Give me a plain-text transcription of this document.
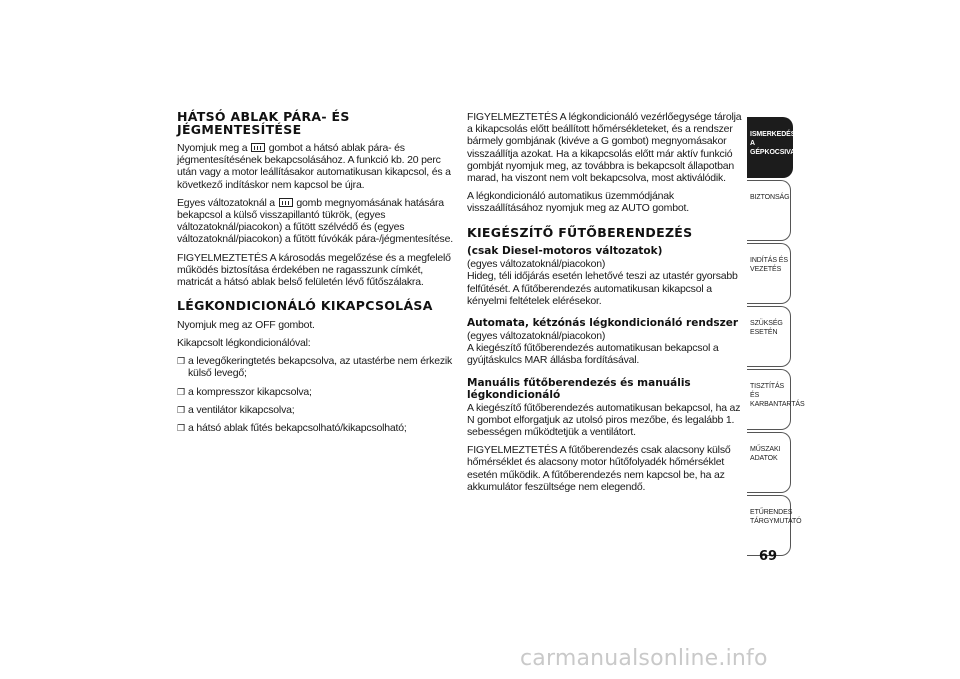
HÁTSÓ ABLAK PÁRA- ÉS JÉGMENTESÍTÉSE

Nyomjuk meg a gombot a hátsó ablak pára- és jégmentesítésének bekapcsolásához. A funkció kb. 20 perc után vagy a motor leállításakor automatikusan kikapcsol, és a következő indításkor nem kapcsol be újra.

Egyes változatoknál a gomb megnyomásának hatására bekapcsol a külső visszapillantó tükrök, (egyes változatoknál/piacokon) a fűtött szélvédő és (egyes változatoknál/piacokon) a fűtött fúvókák pára-/jégmentesítése.

FIGYELMEZTETÉS A károsodás megelőzése és a megfelelő működés biztosítása érdekében ne ragasszunk címkét, matricát a hátsó ablak belső felületén lévő fűtőszálakra.

LÉGKONDICIONÁLÓ KIKAPCSOLÁSA

Nyomjuk meg az OFF gombot.

Kikapcsolt légkondicionálóval:

❒ a levegőkeringtetés bekapcsolva, az utastérbe nem érkezik külső levegő;
❒ a kompresszor kikapcsolva;
❒ a ventilátor kikapcsolva;
❒ a hátsó ablak fűtés bekapcsolható/kikapcsolható;

FIGYELMEZTETÉS A légkondicionáló vezérlőegysége tárolja a kikapcsolás előtt beállított hőmérsékleteket, és a rendszer bármely gombjának (kivéve a G gombot) megnyomásakor visszaállítja azokat. Ha a kikapcsolás előtt már aktív funkció gombját nyomjuk meg, az továbbra is bekapcsolt állapotban marad, ha viszont nem volt bekapcsolva, most aktiválódik.

A légkondicionáló automatikus üzemmódjának visszaállításához nyomjuk meg az AUTO gombot.

KIEGÉSZÍTŐ FŰTŐBERENDEZÉS
(csak Diesel-motoros változatok)

(egyes változatoknál/piacokon)

Hideg, téli időjárás esetén lehetővé teszi az utastér gyorsabb felfűtését. A fűtőberendezés automatikusan kikapcsol a kényelmi feltételek elérésekor.

Automata, kétzónás légkondicionáló rendszer

(egyes változatoknál/piacokon)

A kiegészítő fűtőberendezés automatikusan bekapcsol a gyújtáskulcs MAR állásba fordításával.

Manuális fűtőberendezés és manuális légkondicionáló

A kiegészítő fűtőberendezés automatikusan bekapcsol, ha az N gombot elforgatjuk az utolsó piros mezőbe, és legalább 1. sebességen működtetjük a ventilátort.

FIGYELMEZTETÉS A fűtőberendezés csak alacsony külső hőmérséklet és alacsony motor hűtőfolyadék hőmérséklet esetén működik. A fűtőberendezés nem kapcsol be, ha az akkumulátor feszültsége nem elegendő.

ISMERKEDÉS A GÉPKOCSIVAL
BIZTONSÁG
INDÍTÁS ÉS VEZETÉS
SZÜKSÉG ESETÉN
TISZTÍTÁS ÉS KARBANTARTÁS
MŰSZAKI ADATOK
ETŰRENDES TÁRGYMUTATÓ
69
carmanualsonline.info
